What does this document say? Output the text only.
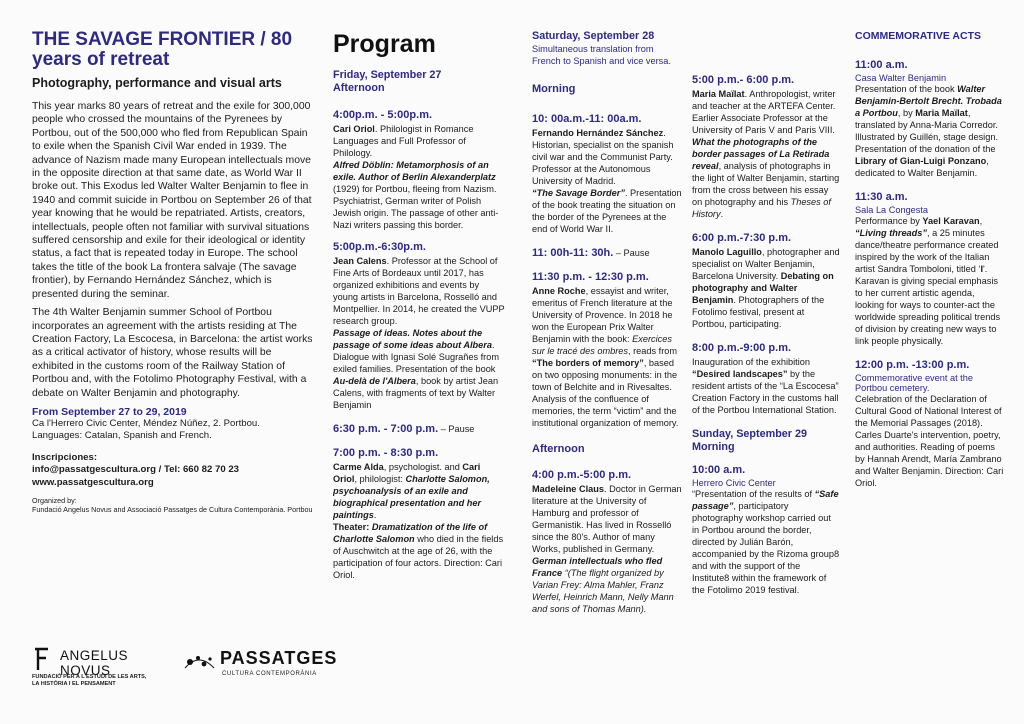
THE SAVAGE FRONTIER / 80 years of retreat
Photography, performance and visual arts

This year marks 80 years of retreat and the exile for 300,000 people who crossed the mountains of the Pyrenees by Portbou, out of the 500,000 who fled from Republican Spain to exile when the Spanish Civil War ended in 1939. The advance of Nazism made many European intellectuals move in the opposite direction at that same date, as World War II broke out. This Exodus led Walter Walter Benjamin to flee in 1940 and commit suicide in Portbou on September 26 of that year knowing that he would be repatriated. Artists, creators, intellectuals, people often not familiar with survival situations suffered censorship and exile for their ideological or identity status, a fact that is repeated today in Europe. The school takes the title of the book La frontera salvaje (The savage frontier), by Fernando Hernández Sánchez, which is presented during the seminar.

The 4th Walter Benjamin summer School of Portbou incorporates an agreement with the artists residing at The Creation Factory, La Escocesa, in Barcelona: the artist works as a critical activator of history, whose results will be exhibited in the customs room of the Railway Station of Portbou and, with the Fotolimo Photography Festival, with a debate on Walter Benjamin and photography.

From September 27 to 29, 2019
Ca l'Herrero Civic Center, Méndez Núñez, 2. Portbou.
Languages: Catalan, Spanish and French.
Inscripciones:
info@passatgescultura.org / Tel: 660 82 70 23
www.passatgescultura.org
Organized by:
Fundació Angelus Novus and Associació Passatges de Cultura Contemporània. Portbou
ANGELUS NOVUS
FUNDACIÓ PER A L'ESTUDI DE LES ARTS,
LA HISTÒRIA I EL PENSAMENT
PASSATGES
CULTURA CONTEMPORÀNIA
Program
Friday, September 27
Afternoon
4:00p.m. - 5:00p.m.

Cari Oriol. Philologist in Romance Languages and Full Professor of Philology.

Alfred Döblin: Metamorphosis of an exile. Author of Berlin Alexanderplatz (1929) for Portbou, fleeing from Nazism. Psychiatrist, German writer of Polish Jewish origin. The passage of other anti-Nazi writers passing this border.

5:00p.m.-6:30p.m.

Jean Calens. Professor at the School of Fine Arts of Bordeaux until 2017, has organized exhibitions and events by young artists in Barcelona, Rosselló and Montpellier. In 2014, he created the VUPP research group.

Passage of ideas. Notes about the passage of some ideas about Albera. Dialogue with Ignasi Solé Sugrañes from exiled families. Presentation of the book Au-delà de l'Albera, book by artist Jean Calens, with fragments of text by Walter Benjamin

6:30 p.m. - 7:00 p.m. – Pause
7:00 p.m. - 8:30 p.m.

Carme Alda, psychologist. and Cari Oriol, philologist: Charlotte Salomon, psychoanalysis of an exile and biographical presentation and her paintings.

Theater: Dramatization of the life of Charlotte Salomon who died in the fields of Auschwitch at the age of 26, with the participation of four actors. Direction: Cari Oriol.

Saturday, September 28
Simultaneous translation from French to Spanish and vice versa.
Morning
10: 00a.m.-11: 00a.m.

Fernando Hernández Sánchez. Historian, specialist on the spanish civil war and the Communist Party. Professor at the Autonomous University of Madrid.

“The Savage Border”. Presentation of the book treating the situation on the border of the Pyrenees at the end of World War II.

11: 00h-11: 30h. – Pause
11:30 p.m. - 12:30 p.m.

Anne Roche, essayist and writer, emeritus of French literature at the University of Provence. In 2018 he won the European Prix Walter Benjamin with the book: Exercices sur le tracé des ombres, reads from “The borders of memory”, based on two opposing monuments: in the town of Belchite and in Rivesaltes. Analysis of the confluence of memories, the term “victim” and the institutional organization of memory.

Afternoon
4:00 p.m.-5:00 p.m.

Madeleine Claus. Doctor in German literature at the University of Hamburg and professor of Germanistik. Has lived in Rosselló since the 80's. Author of many Works, published in Germany.

German intellectuals who fled France “(The flight organized by Varian Frey: Alma Mahler, Franz Werfel, Heinrich Mann, Nelly Mann and sons of Thomas Mann).

5:00 p.m.- 6:00 p.m.

Maria Maïlat. Anthropologist, writer and teacher at the ARTEFA Center. Earlier Associate Professor at the University of Paris V and Paris VIII.

What the photographs of the border passages of La Retirada reveal, analysis of photographs in the light of Walter Benjamin, starting from the cross between his essay on photography and his Theses of History.

6:00 p.m.-7:30 p.m.

Manolo Laguillo, photographer and specialist on Walter Benjamin, Barcelona University. Debating on photography and Walter Benjamin. Photographers of the Fotolimo festival, present at Portbou, participating.

8:00 p.m.-9:00 p.m.

Inauguration of the exhibition “Desired landscapes” by the resident artists of the “La Escocesa” Creation Factory in the customs hall of the Portbou International Station.

Sunday, September 29
Morning
10:00 a.m.
Herrero Civic Center

“Presentation of the results of “Safe passage”, participatory photography workshop carried out in Portbou around the border, directed by Julián Barón, accompanied by the Rizoma group8 and with the support of the Institute8 within the framework of the Fotolimo 2019 festival.

COMMEMORATIVE ACTS
11:00 a.m.
Casa Walter Benjamin

Presentation of the book Walter Benjamin-Bertolt Brecht. Trobada a Portbou, by Maria Maïlat, translated by Anna-Maria Corredor. Illustrated by Guillén, stage design.

Presentation of the donation of the Library of Gian-Luigi Ponzano, dedicated to Walter Benjamin.

11:30 a.m.
Sala La Congesta

Performance by Yael Karavan, “Living threads”, a 25 minutes dance/theatre performance created inspired by the work of the Italian artist Sandra Tomboloni, titled ‘I'. Karavan is giving special emphasis to her current artistic agenda, looking for ways to counter-act the worldwide spreading political trends of division by creating new ways to link people physically.

12:00 p.m. -13:00 p.m.
Commemorative event at the Portbou cemetery.

Celebration of the Declaration of Cultural Good of National Interest of the Memorial Passages (2018). Carles Duarte's intervention, poetry, and authorities. Reading of poems by Hannah Arendt, María Zambrano and Walter Benjamin. Direction: Cari Oriol.
